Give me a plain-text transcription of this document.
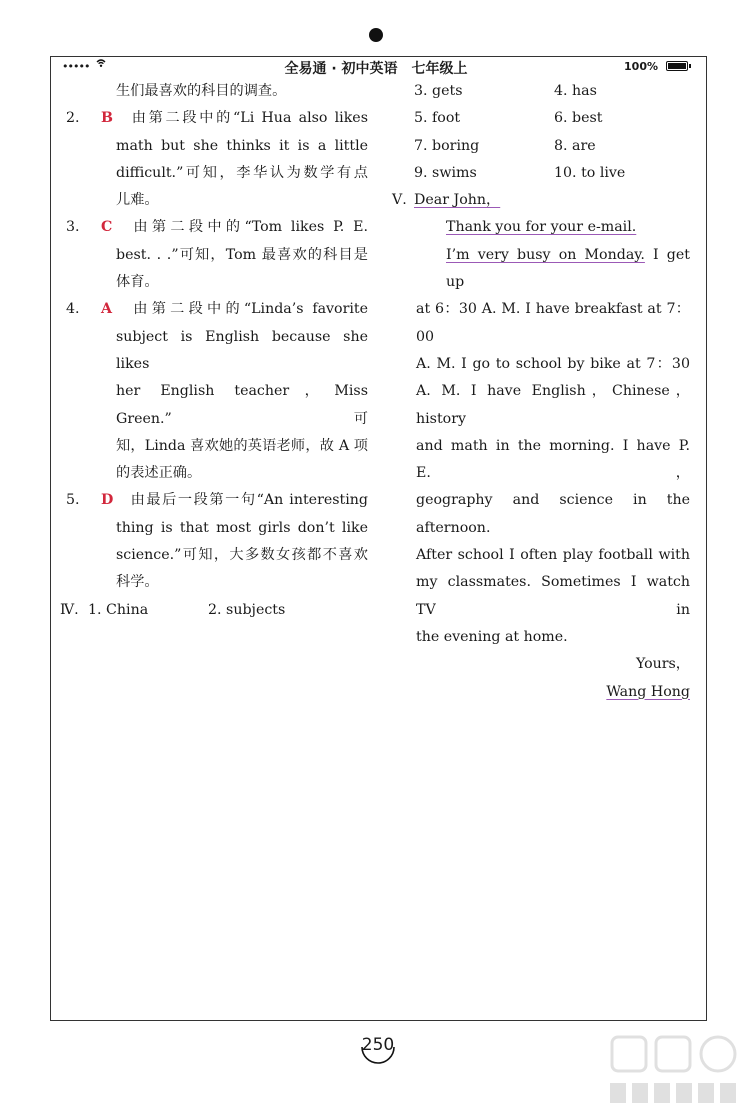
•••••	全易通 · 初中英语　七年级上	100%
生们最喜欢的科目的调查。
2. B 由第二段中的“Li Hua also likes
math but she thinks it is a little
difficult.”可知，李华认为数学有点
儿难。
3. C 由第二段中的“Tom likes P. E.
best. . .”可知，Tom 最喜欢的科目是
体育。
4. A 由第二段中的“Linda’s favorite
subject is English because she likes
her English teacher，Miss Green.”可
知，Linda 喜欢她的英语老师，故 A 项
的表述正确。
5. D 由最后一段第一句“An interesting
thing is that most girls don’t like
science.”可知，大多数女孩都不喜欢
科学。
Ⅳ. 1. China	2. subjects
3. gets	4. has
5. foot	6. best
7. boring	8. are
9. swims	10. to live
Ⅴ. Dear John，
Thank you for your e-mail.
I’m very busy on Monday. I get up
at 6：30 A. M. I have breakfast at 7：00
A. M. I go to school by bike at 7：30
A. M. I have English，Chinese，history
and math in the morning. I have P. E.，
geography and science in the afternoon.
After school I often play football with
my classmates. Sometimes I watch TV in
the evening at home.
Yours，
Wang Hong
250
